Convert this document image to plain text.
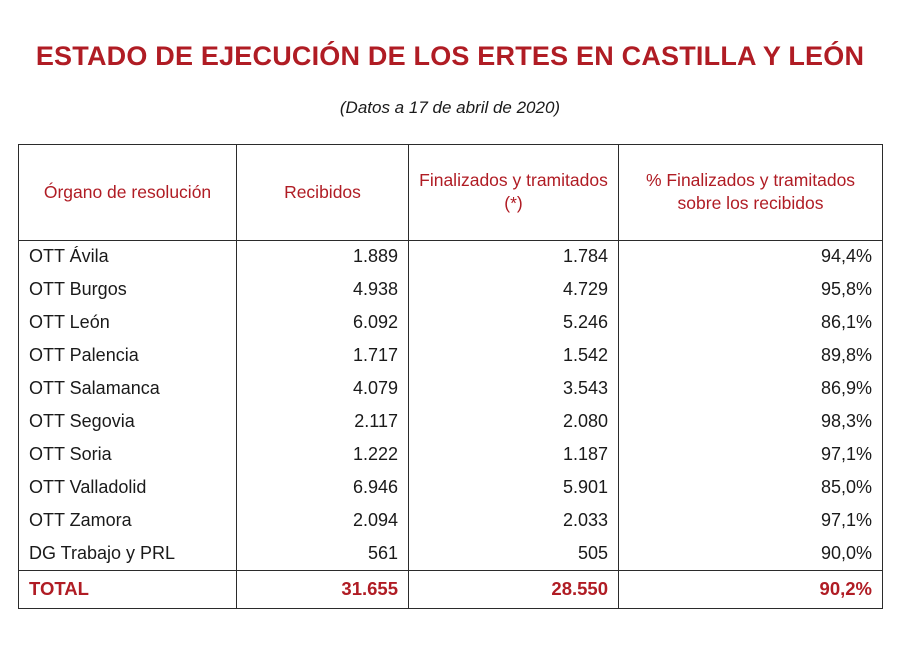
ESTADO DE EJECUCIÓN DE LOS ERTES EN CASTILLA Y LEÓN

(Datos a 17 de abril de 2020)

Órgano de resolución	Recibidos	Finalizados y tramitados (*)	% Finalizados y tramitados sobre los recibidos
OTT Ávila	1.889	1.784	94,4%
OTT Burgos	4.938	4.729	95,8%
OTT León	6.092	5.246	86,1%
OTT Palencia	1.717	1.542	89,8%
OTT Salamanca	4.079	3.543	86,9%
OTT Segovia	2.117	2.080	98,3%
OTT Soria	1.222	1.187	97,1%
OTT Valladolid	6.946	5.901	85,0%
OTT Zamora	2.094	2.033	97,1%
DG Trabajo y PRL	561	505	90,0%
TOTAL	31.655	28.550	90,2%
